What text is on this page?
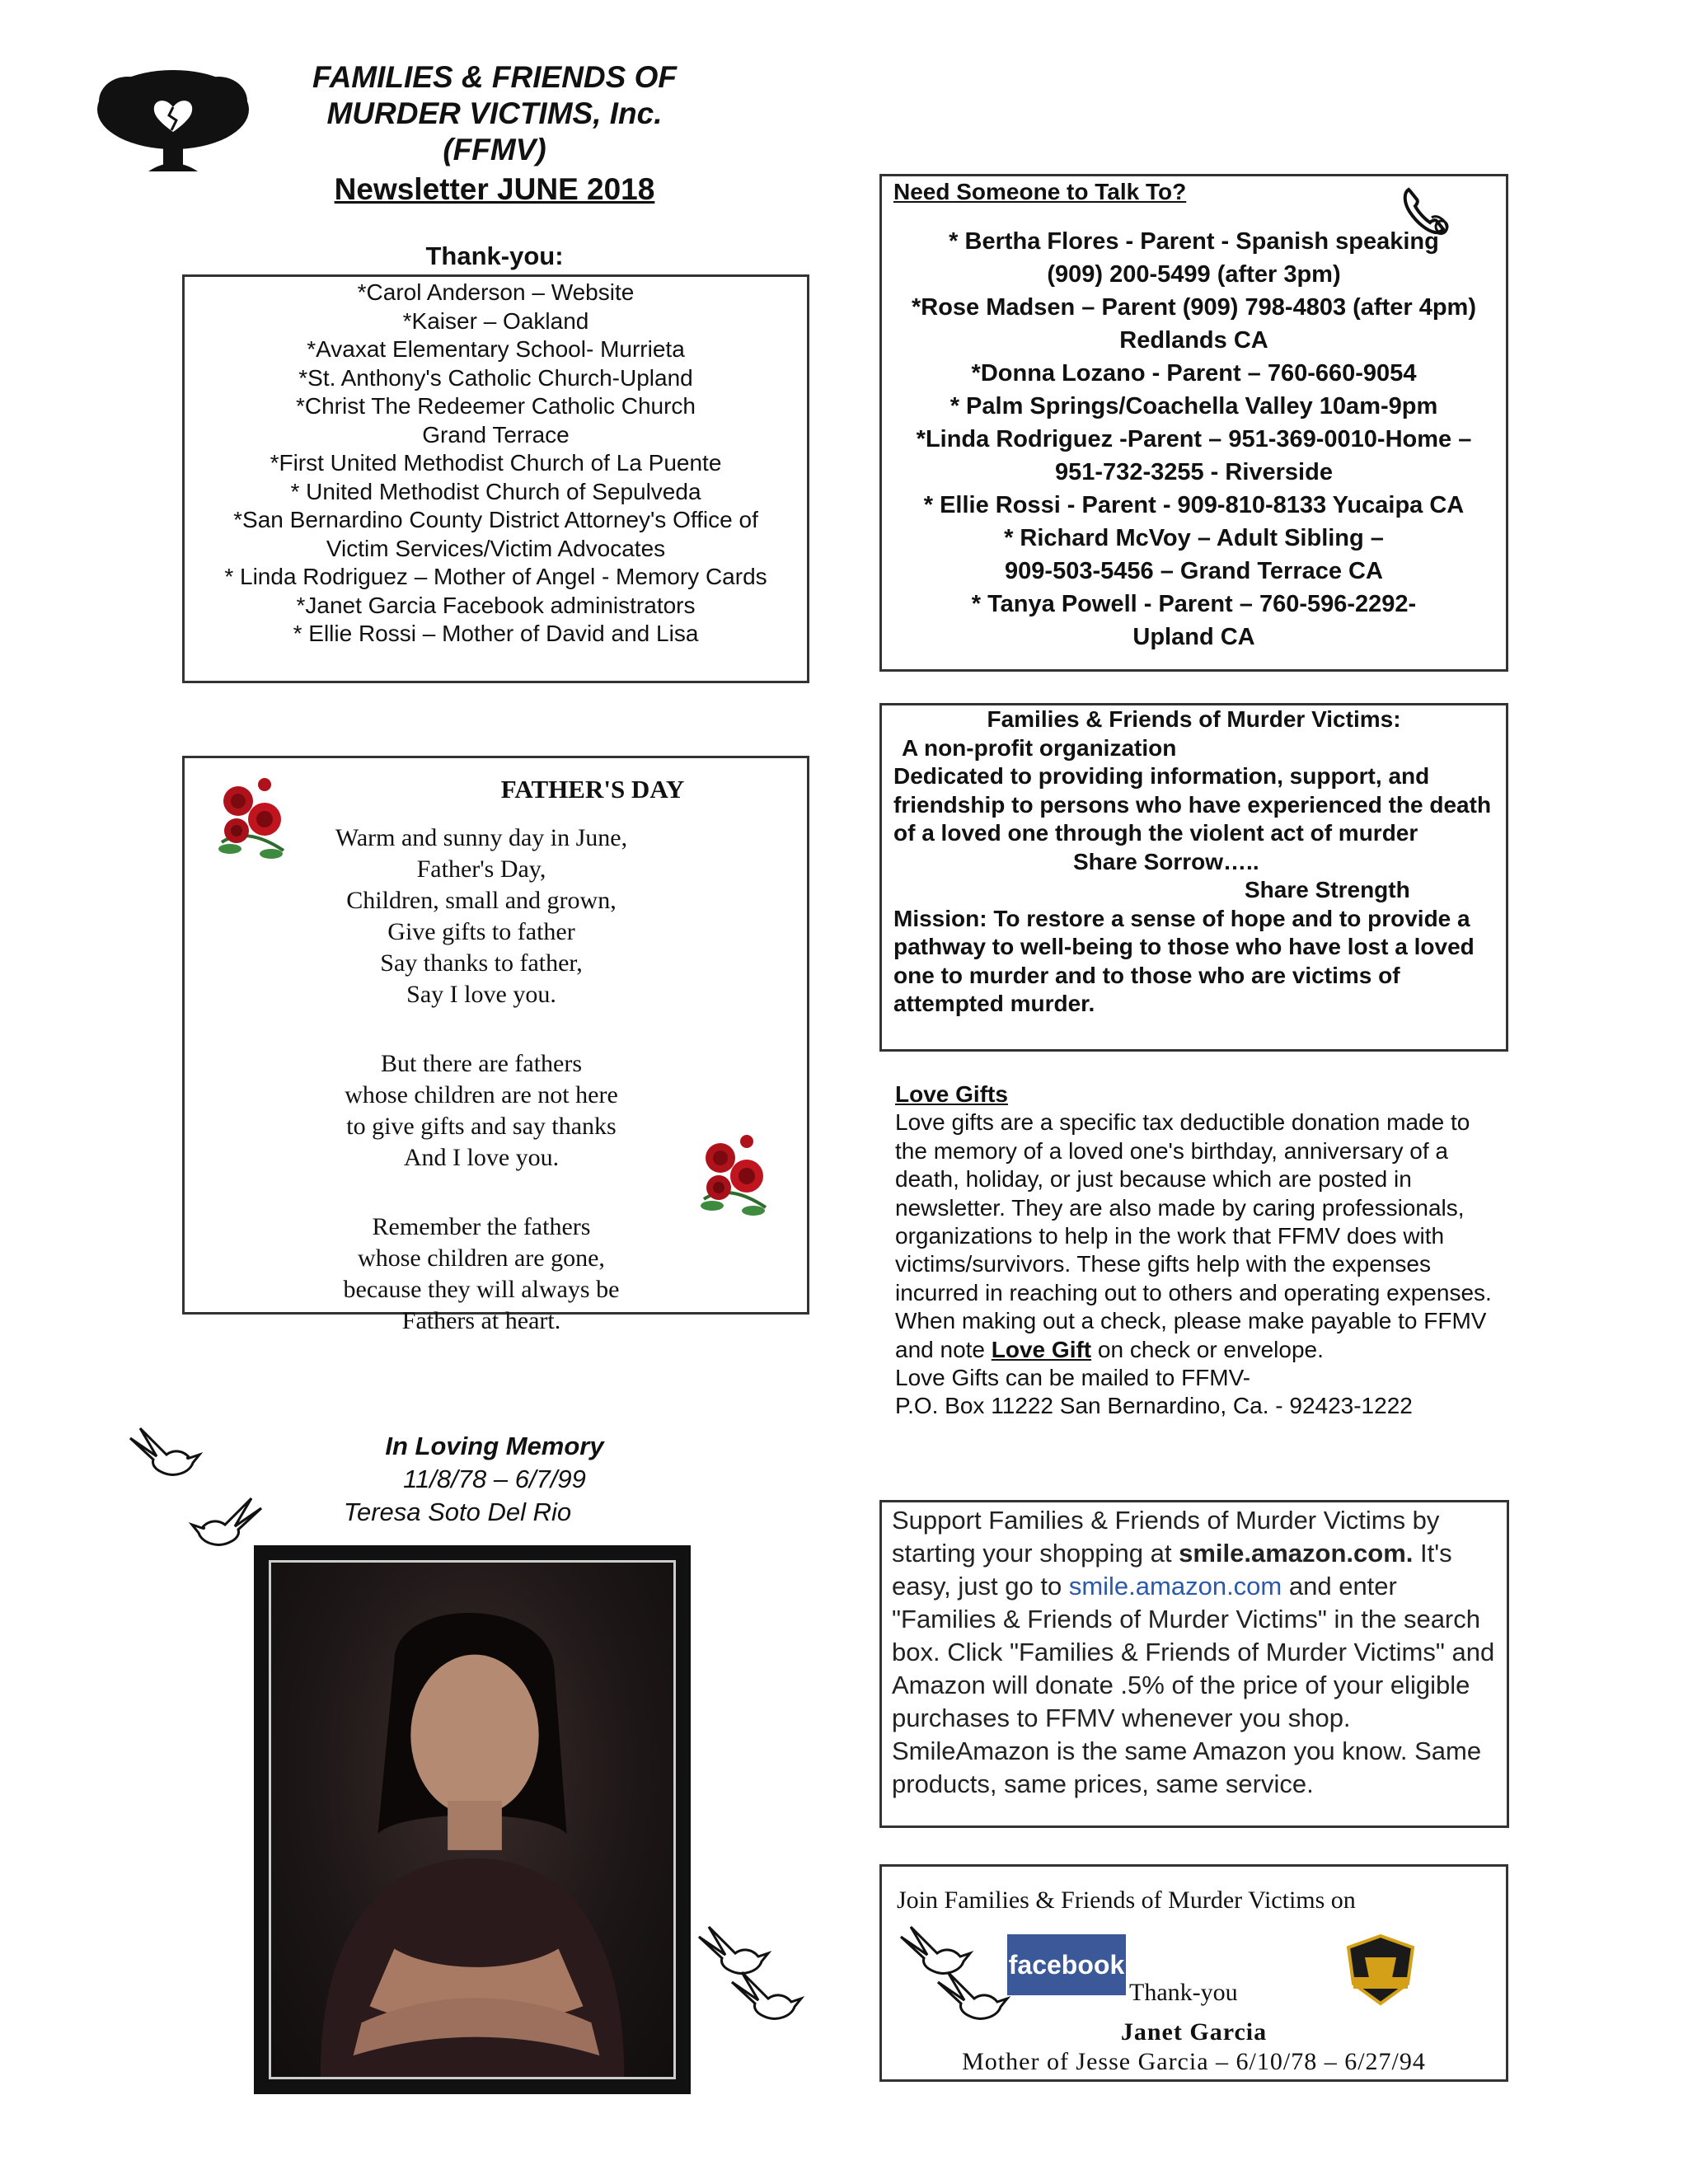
FAMILIES & FRIENDS OF
MURDER VICTIMS, Inc.
(FFMV)
Newsletter JUNE 2018
Thank-you:
*Carol Anderson – Website
*Kaiser – Oakland
*Avaxat Elementary School- Murrieta
*St. Anthony's Catholic Church-Upland
*Christ The Redeemer Catholic Church
Grand Terrace
*First United Methodist Church of La Puente
* United Methodist Church of Sepulveda
*San Bernardino County District Attorney's Office of
Victim Services/Victim Advocates
* Linda Rodriguez – Mother of Angel - Memory Cards
*Janet Garcia Facebook administrators
* Ellie Rossi – Mother of David and Lisa
Need Someone to Talk To?
* Bertha Flores - Parent - Spanish speaking
(909) 200-5499 (after 3pm)
*Rose Madsen – Parent (909) 798-4803 (after 4pm)
Redlands CA
*Donna Lozano - Parent – 760-660-9054
* Palm Springs/Coachella Valley 10am-9pm
*Linda Rodriguez -Parent – 951-369-0010-Home –
951-732-3255 - Riverside
* Ellie Rossi - Parent - 909-810-8133 Yucaipa CA
* Richard McVoy – Adult Sibling –
909-503-5456 – Grand Terrace CA
* Tanya Powell - Parent – 760-596-2292-
Upland CA
FATHER'S DAY
Warm and sunny day in June,
Father's Day,
Children, small and grown,
Give gifts to father
Say thanks to father,
Say I love you.
But there are fathers
whose children are not here
to give gifts and say thanks
And I love you.
Remember the fathers
whose children are gone,
because they will always be
Fathers at heart.
Families & Friends of Murder Victims:
A non-profit organization
Dedicated to providing information, support, and friendship to persons who have experienced the death of a loved one through the violent act of murder
Share Sorrow…..
Share Strength
Mission: To restore a sense of hope and to provide a pathway to well-being to those who have lost a loved one to murder and to those who are victims of attempted murder.
Love Gifts
Love gifts are a specific tax deductible donation made to the memory of a loved one's birthday, anniversary of a death, holiday, or just because which are posted in newsletter. They are also made by caring professionals, organizations to help in the work that FFMV does with victims/survivors. These gifts help with the expenses incurred in reaching out to others and operating expenses. When making out a check, please make payable to FFMV and note Love Gift on check or envelope.
Love Gifts can be mailed to FFMV-
P.O. Box 11222 San Bernardino, Ca. - 92423-1222
In Loving Memory
11/8/78 – 6/7/99
Teresa Soto Del Rio	Support Families & Friends of Murder Victims by starting your shopping at smile.amazon.com. It's easy, just go to smile.amazon.com and enter "Families & Friends of Murder Victims" in the search box. Click "Families & Friends of Murder Victims" and Amazon will donate .5% of the price of your eligible purchases to FFMV whenever you shop. SmileAmazon is the same Amazon you know. Same products, same prices, same service.
Join Families & Friends of Murder Victims on
facebook
Thank-you
Janet Garcia
Mother of Jesse Garcia – 6/10/78 – 6/27/94
